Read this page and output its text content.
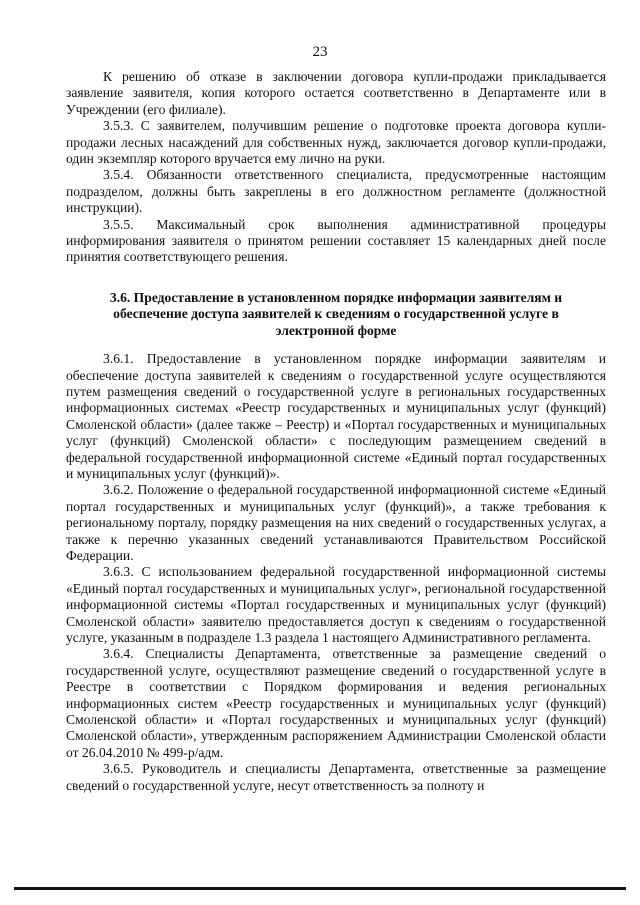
23

К решению об отказе в заключении договора купли-продажи прикладывается заявление заявителя, копия которого остается соответственно в Департаменте или в Учреждении (его филиале).

3.5.3. С заявителем, получившим решение о подготовке проекта договора купли-продажи лесных насаждений для собственных нужд, заключается договор купли-продажи, один экземпляр которого вручается ему лично на руки.

3.5.4. Обязанности ответственного специалиста, предусмотренные настоящим подразделом, должны быть закреплены в его должностном регламенте (должностной инструкции).

3.5.5. Максимальный срок выполнения административной процедуры информирования заявителя о принятом решении составляет 15 календарных дней после принятия соответствующего решения.

3.6. Предоставление в установленном порядке информации заявителям и обеспечение доступа заявителей к сведениям о государственной услуге в электронной форме

3.6.1. Предоставление в установленном порядке информации заявителям и обеспечение доступа заявителей к сведениям о государственной услуге осуществляются путем размещения сведений о государственной услуге в региональных государственных информационных системах «Реестр государственных и муниципальных услуг (функций) Смоленской области» (далее также – Реестр) и «Портал государственных и муниципальных услуг (функций) Смоленской области» с последующим размещением сведений в федеральной государственной информационной системе «Единый портал государственных и муниципальных услуг (функций)».

3.6.2. Положение о федеральной государственной информационной системе «Единый портал государственных и муниципальных услуг (функций)», а также требования к региональному порталу, порядку размещения на них сведений о государственных услугах, а также к перечню указанных сведений устанавливаются Правительством Российской Федерации.

3.6.3. С использованием федеральной государственной информационной системы «Единый портал государственных и муниципальных услуг», региональной государственной информационной системы «Портал государственных и муниципальных услуг (функций) Смоленской области» заявителю предоставляется доступ к сведениям о государственной услуге, указанным в подразделе 1.3 раздела 1 настоящего Административного регламента.

3.6.4. Специалисты Департамента, ответственные за размещение сведений о государственной услуге, осуществляют размещение сведений о государственной услуге в Реестре в соответствии с Порядком формирования и ведения региональных информационных систем «Реестр государственных и муниципальных услуг (функций) Смоленской области» и «Портал государственных и муниципальных услуг (функций) Смоленской области», утвержденным распоряжением Администрации Смоленской области от 26.04.2010 № 499-р/адм.

3.6.5. Руководитель и специалисты Департамента, ответственные за размещение сведений о государственной услуге, несут ответственность за полноту и
